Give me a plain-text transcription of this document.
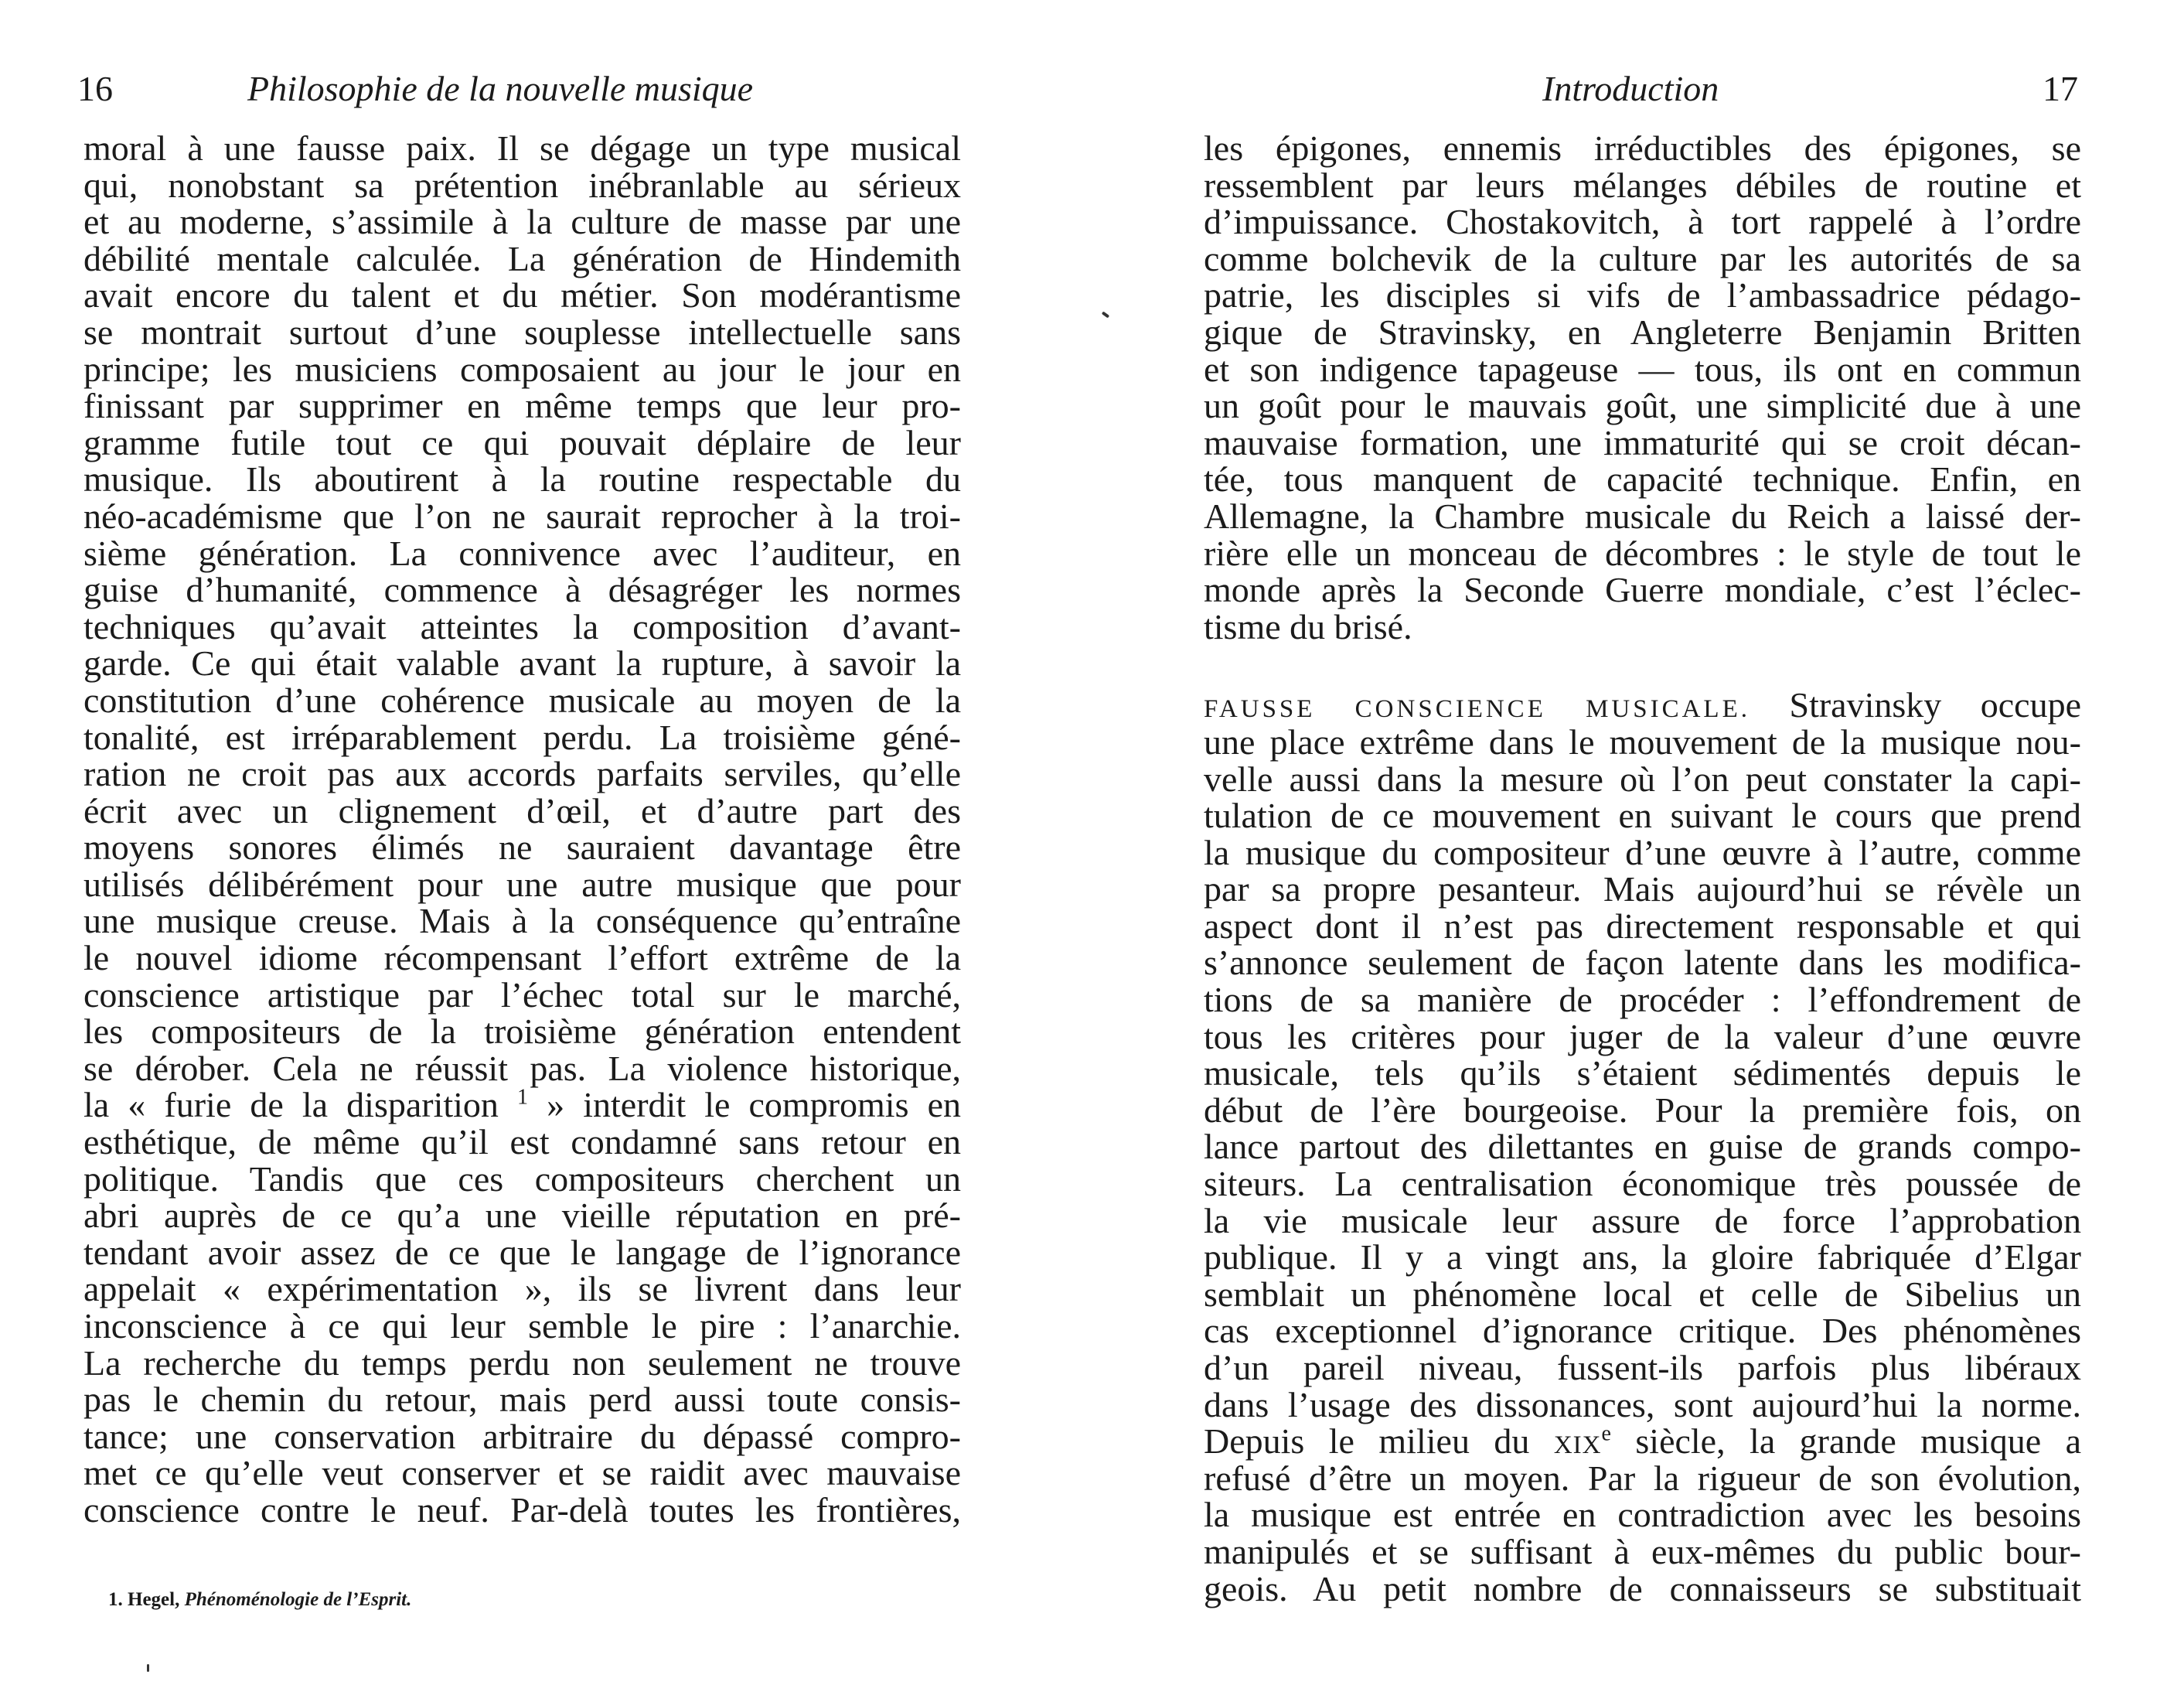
16	Philosophie de la nouvelle musique
moral à une fausse paix. Il se dégage un type musical
qui, nonobstant sa prétention inébranlable au sérieux
et au moderne, s’assimile à la culture de masse par une
débilité mentale calculée. La génération de Hindemith
avait encore du talent et du métier. Son modérantisme
se montrait surtout d’une souplesse intellectuelle sans
principe; les musiciens composaient au jour le jour en
finissant par supprimer en même temps que leur pro-
gramme futile tout ce qui pouvait déplaire de leur
musique. Ils aboutirent à la routine respectable du
néo-académisme que l’on ne saurait reprocher à la troi-
sième génération. La connivence avec l’auditeur, en
guise d’humanité, commence à désagréger les normes
techniques qu’avait atteintes la composition d’avant-
garde. Ce qui était valable avant la rupture, à savoir la
constitution d’une cohérence musicale au moyen de la
tonalité, est irréparablement perdu. La troisième géné-
ration ne croit pas aux accords parfaits serviles, qu’elle
écrit avec un clignement d’œil, et d’autre part des
moyens sonores élimés ne sauraient davantage être
utilisés délibérément pour une autre musique que pour
une musique creuse. Mais à la conséquence qu’entraîne
le nouvel idiome récompensant l’effort extrême de la
conscience artistique par l’échec total sur le marché,
les compositeurs de la troisième génération entendent
se dérober. Cela ne réussit pas. La violence historique,
la « furie de la disparition $^1$ » interdit le compromis en
esthétique, de même qu’il est condamné sans retour en
politique. Tandis que ces compositeurs cherchent un
abri auprès de ce qu’a une vieille réputation en pré-
tendant avoir assez de ce que le langage de l’ignorance
appelait « expérimentation », ils se livrent dans leur
inconscience à ce qui leur semble le pire : l’anarchie.
La recherche du temps perdu non seulement ne trouve
pas le chemin du retour, mais perd aussi toute consis-
tance; une conservation arbitraire du dépassé compro-
met ce qu’elle veut conserver et se raidit avec mauvaise
conscience contre le neuf. Par-delà toutes les frontières,
1. Hegel, Phénoménologie de l’Esprit.
Introduction	17
les épigones, ennemis irréductibles des épigones, se
ressemblent par leurs mélanges débiles de routine et
d’impuissance. Chostakovitch, à tort rappelé à l’ordre
comme bolchevik de la culture par les autorités de sa
patrie, les disciples si vifs de l’ambassadrice pédago-
gique de Stravinsky, en Angleterre Benjamin Britten
et son indigence tapageuse — tous, ils ont en commun
un goût pour le mauvais goût, une simplicité due à une
mauvaise formation, une immaturité qui se croit décan-
tée, tous manquent de capacité technique. Enfin, en
Allemagne, la Chambre musicale du Reich a laissé der-
rière elle un monceau de décombres : le style de tout le
monde après la Seconde Guerre mondiale, c’est l’éclec-
tisme du brisé.
FAUSSE CONSCIENCE MUSICALE. Stravinsky occupe
une place extrême dans le mouvement de la musique nou-
velle aussi dans la mesure où l’on peut constater la capi-
tulation de ce mouvement en suivant le cours que prend
la musique du compositeur d’une œuvre à l’autre, comme
par sa propre pesanteur. Mais aujourd’hui se révèle un
aspect dont il n’est pas directement responsable et qui
s’annonce seulement de façon latente dans les modifica-
tions de sa manière de procéder : l’effondrement de
tous les critères pour juger de la valeur d’une œuvre
musicale, tels qu’ils s’étaient sédimentés depuis le
début de l’ère bourgeoise. Pour la première fois, on
lance partout des dilettantes en guise de grands compo-
siteurs. La centralisation économique très poussée de
la vie musicale leur assure de force l’approbation
publique. Il y a vingt ans, la gloire fabriquée d’Elgar
semblait un phénomène local et celle de Sibelius un
cas exceptionnel d’ignorance critique. Des phénomènes
d’un pareil niveau, fussent-ils parfois plus libéraux
dans l’usage des dissonances, sont aujourd’hui la norme.
Depuis le milieu du XIXe siècle, la grande musique a
refusé d’être un moyen. Par la rigueur de son évolution,
la musique est entrée en contradiction avec les besoins
manipulés et se suffisant à eux-mêmes du public bour-
geois. Au petit nombre de connaisseurs se substituait
